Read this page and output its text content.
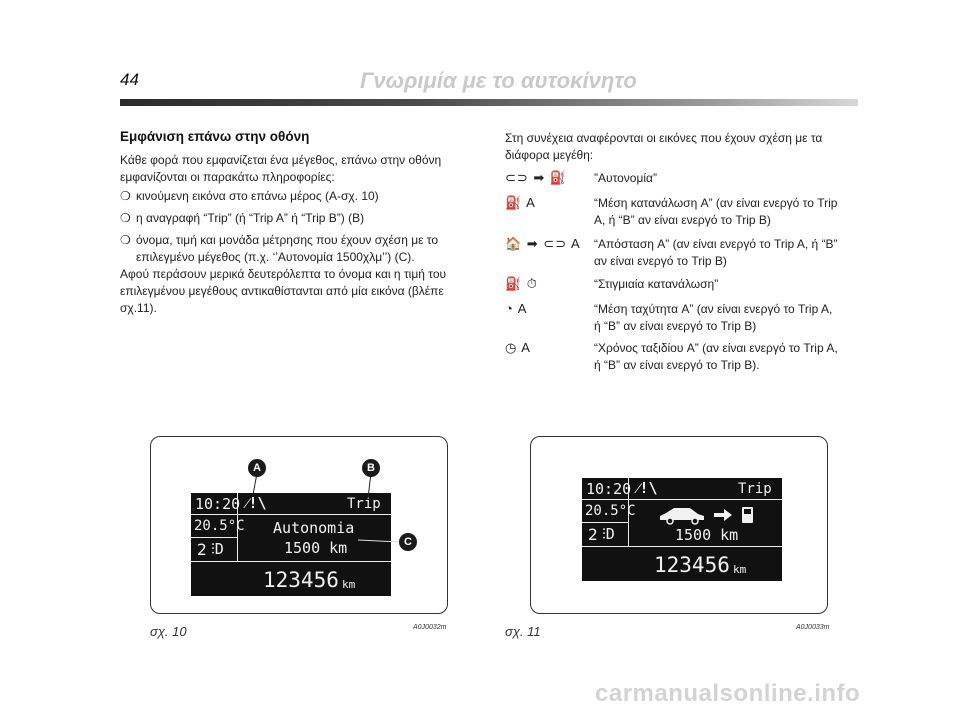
44	Γνωριμία με το αυτοκίνητο
Εμφάνιση επάνω στην οθόνη
Κάθε φορά που εμφανίζεται ένα μέγεθος, επάνω στην οθόνη
εμφανίζονται οι παρακάτω πληροφορίες:
❍ κινούμενη εικόνα στο επάνω μέρος (A-σχ. 10)
❍ η αναγραφή “Trip” (ή “Trip A” ή “Trip B”) (B)
❍ όνομα, τιμή και μονάδα μέτρησης που έχουν σχέση με το
επιλεγμένο μέγεθος (π.χ. ‘’Αυτονομία 1500χλμ’’) (C).
Αφού περάσουν μερικά δευτερόλεπτα το όνομα και η τιμή του
επιλεγμένου μεγέθους αντικαθίστανται από μία εικόνα (βλέπε
σχ.11).
Στη συνέχεια αναφέρονται οι εικόνες που έχουν σχέση με τα
διάφορα μεγέθη:
⊂⊃ ➡ ⛽ ”Αυτονομία”
⛽ A	“Μέση κατανάλωση A” (αν είναι ενεργό το Trip
A, ή “B” αν είναι ενεργό το Trip B)
🏠 ➡ ⊂⊃ A “Απόσταση A” (αν είναι ενεργό το Trip A, ή “B”
αν είναι ενεργό το Trip B)
⛽ ⏱	“Στιγμιαία κατανάλωση”
◔ A	“Μέση ταχύτητα A” (αν είναι ενεργό το Trip A,
ή “B” αν είναι ενεργό το Trip B)
◷ A	“Χρόνος ταξιδίου A” (αν είναι ενεργό το Trip A,
ή “B” αν είναι ενεργό το Trip B).
10:20 ⁄!\	Trip
20.5°C
2 ⫶D
Autonomia
1500 km
123456 km
A	B
C
σχ. 10	A0J0032m
10:20 ⁄!\	Trip
20.5°C
2 ⫶D	1500 km
123456 km
σχ. 11	A0J0033m
carmanualsonline.info
